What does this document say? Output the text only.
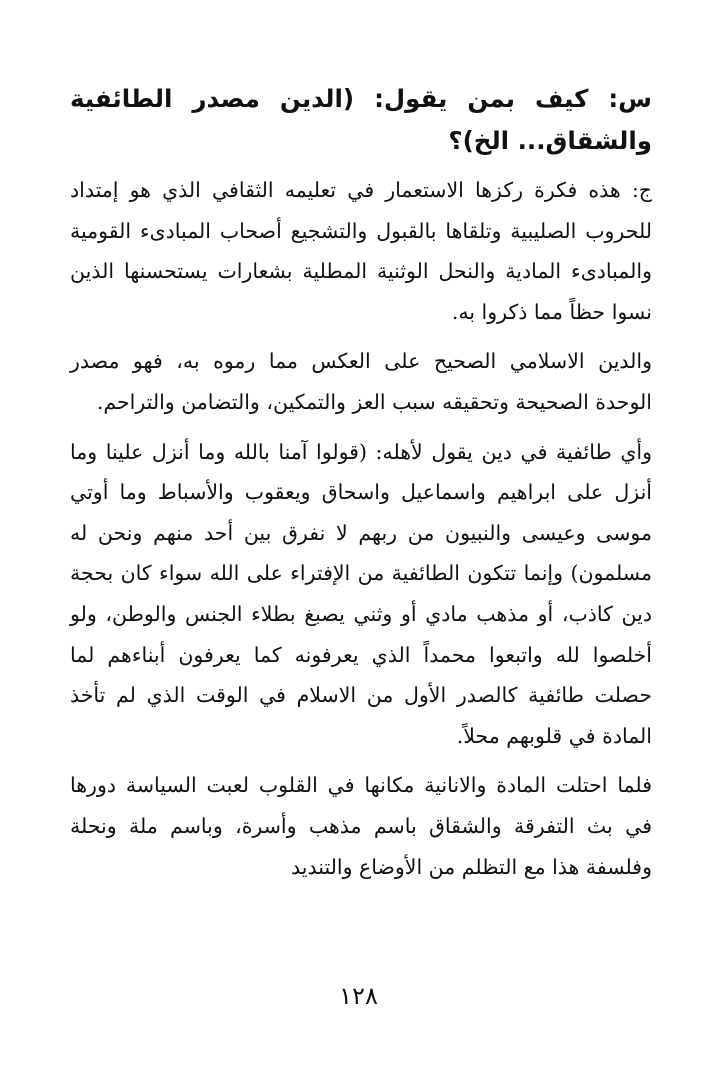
س: كيف بمن يقول: (الدين مصدر الطائفية والشقاق... الخ)؟

ج: هذه فكرة ركزها الاستعمار في تعليمه الثقافي الذي هو إمتداد للحروب الصليبية وتلقاها بالقبول والتشجيع أصحاب المبادىء القومية والمبادىء المادية والنحل الوثنية المطلية بشعارات يستحسنها الذين نسوا حظاً مما ذكروا به.

والدين الاسلامي الصحيح على العكس مما رموه به، فهو مصدر الوحدة الصحيحة وتحقيقه سبب العز والتمكين، والتضامن والتراحم.

وأي طائفية في دين يقول لأهله: (قولوا آمنا بالله وما أنزل علينا وما أنزل على ابراهيم واسماعيل واسحاق ويعقوب والأسباط وما أوتي موسى وعيسى والنبيون من ربهم لا نفرق بين أحد منهم ونحن له مسلمون) وإنما تتكون الطائفية من الإفتراء على الله سواء كان بحجة دين كاذب، أو مذهب مادي أو وثني يصبغ بطلاء الجنس والوطن، ولو أخلصوا لله واتبعوا محمداً الذي يعرفونه كما يعرفون أبناءهم لما حصلت طائفية كالصدر الأول من الاسلام في الوقت الذي لم تأخذ المادة في قلوبهم محلاً.

فلما احتلت المادة والانانية مكانها في القلوب لعبت السياسة دورها في بث التفرقة والشقاق باسم مذهب وأسرة، وباسم ملة ونحلة وفلسفة هذا مع التظلم من الأوضاع والتنديد

١٢٨
